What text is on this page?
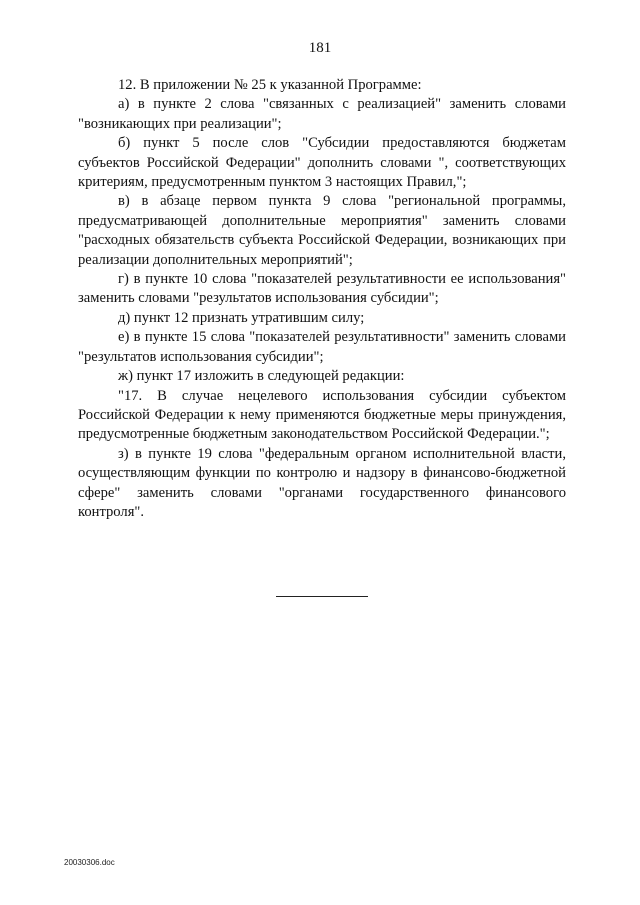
181

12. В приложении № 25 к указанной Программе:

а) в пункте 2 слова "связанных с реализацией" заменить словами "возникающих при реализации";

б) пункт 5 после слов "Субсидии предоставляются бюджетам субъектов Российской Федерации" дополнить словами ", соответствующих критериям, предусмотренным пунктом 3 настоящих Правил,";

в) в абзаце первом пункта 9 слова "региональной программы, предусматривающей дополнительные мероприятия" заменить словами "расходных обязательств субъекта Российской Федерации, возникающих при реализации дополнительных мероприятий";

г) в пункте 10 слова "показателей результативности ее использования" заменить словами "результатов использования субсидии";

д) пункт 12 признать утратившим силу;

е) в пункте 15 слова "показателей результативности" заменить словами "результатов использования субсидии";

ж) пункт 17 изложить в следующей редакции:

"17. В случае нецелевого использования субсидии субъектом Российской Федерации к нему применяются бюджетные меры принуждения, предусмотренные бюджетным законодательством Российской Федерации.";

з) в пункте 19 слова "федеральным органом исполнительной власти, осуществляющим функции по контролю и надзору в финансово-бюджетной сфере" заменить словами "органами государственного финансового контроля".

20030306.doc
